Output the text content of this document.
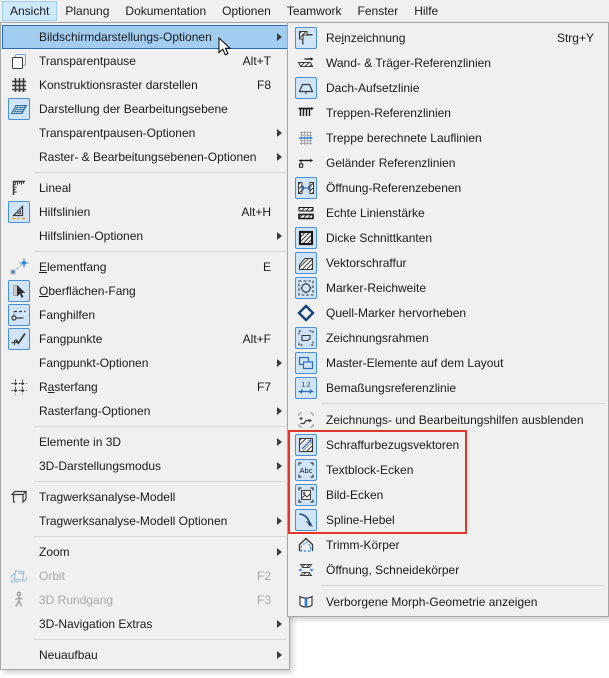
Ansicht	Planung	Dokumentation	Optionen	Teamwork	Fenster	Hilfe
Bildschirmdarstellungs-Optionen
Transparentpause	Alt+T
Konstruktionsraster darstellen	F8
Darstellung der Bearbeitungsebene
Transparentpausen-Optionen
Raster- & Bearbeitungsebenen-Optionen
Lineal
Hilfslinien	Alt+H
Hilfslinien-Optionen
Elementfang	E
Oberflächen-Fang
Fanghilfen
Fangpunkte	Alt+F
Fangpunkt-Optionen
Rasterfang	F7
Rasterfang-Optionen
Elemente in 3D
3D-Darstellungsmodus
Tragwerksanalyse-Modell
Tragwerksanalyse-Modell Optionen
Zoom
Orbit	F2
3D Rundgang	F3
3D-Navigation Extras
Neuaufbau
Reinzeichnung	Strg+Y
Wand- & Träger-Referenzlinien
Dach-Aufsetzlinie
Treppen-Referenzlinien
Treppe berechnete Lauflinien
Geländer Referenzlinien
Öffnung-Referenzebenen
Echte Linienstärke
Dicke Schnittkanten
Vektorschraffur
Marker-Reichweite
Quell-Marker hervorheben
Zeichnungsrahmen
Master-Elemente auf dem Layout
1.2	Bemaßungsreferenzlinie
Zeichnungs- und Bearbeitungshilfen ausblenden
Schraffurbezugsvektoren
Abc	Textblock-Ecken
Bild-Ecken
Spline-Hebel
Trimm-Körper
Öffnung, Schneidekörper
Verborgene Morph-Geometrie anzeigen
